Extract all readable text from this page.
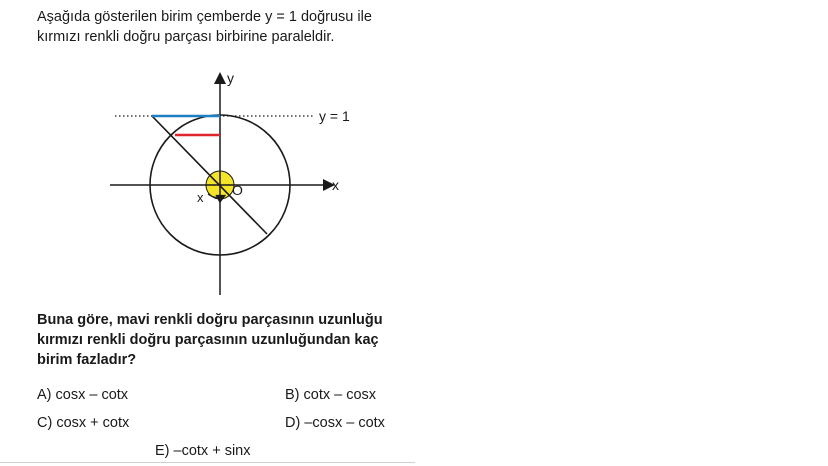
Aşağıda gösterilen birim çemberde y = 1 doğrusu ile

kırmızı renkli doğru parçası birbirine paraleldir.

y
x
y = 1
O
x

Buna göre, mavi renkli doğru parçasının uzunluğu

kırmızı renkli doğru parçasının uzunluğundan kaç

birim fazladır?

A) cosx – cotx	B) cotx – cosx
C) cosx + cotx	D) –cosx – cotx
E) –cotx + sinx
